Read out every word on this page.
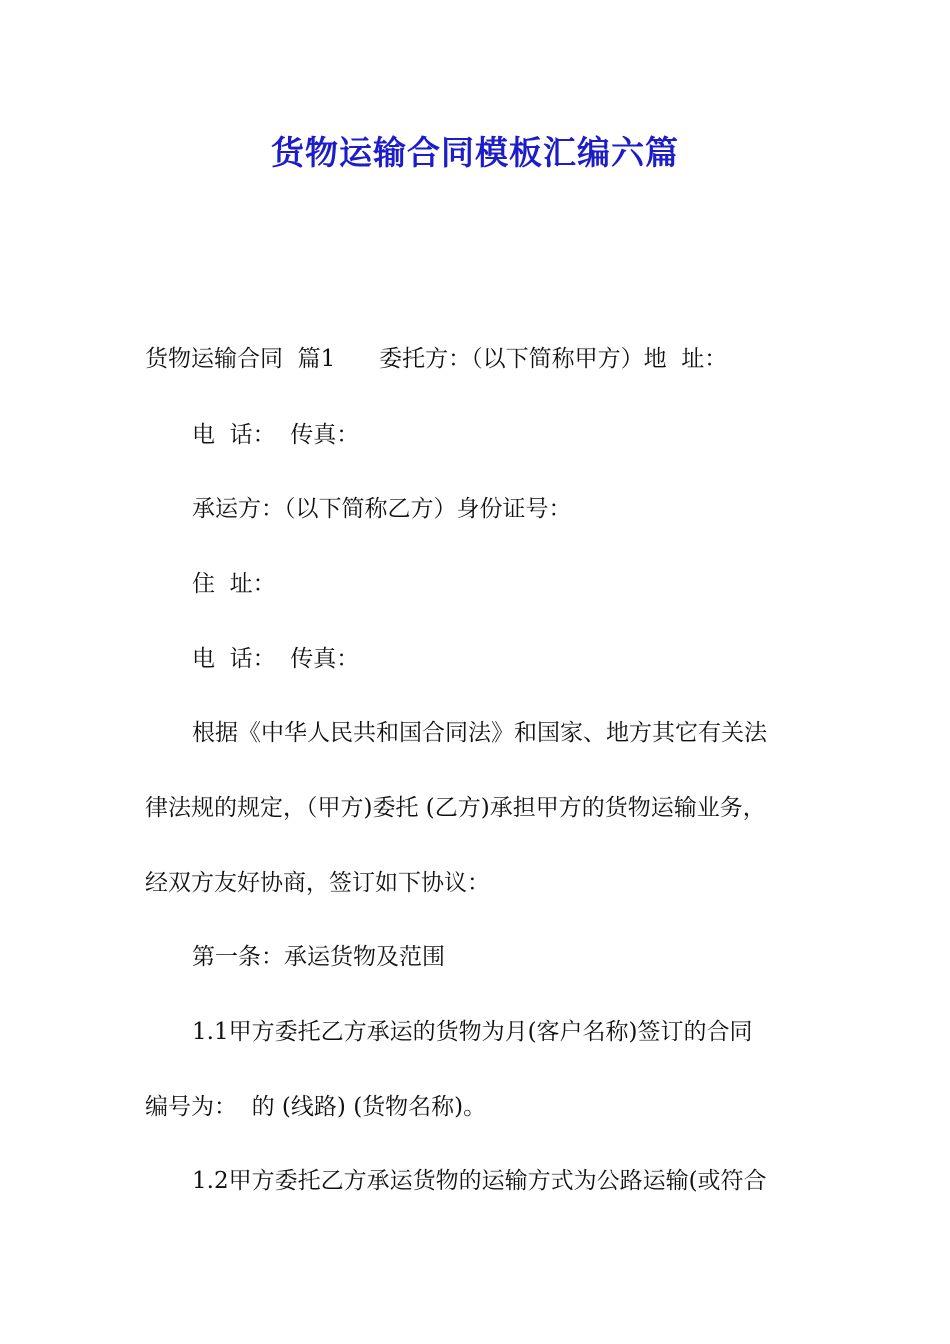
货物运输合同模板汇编六篇

货物运输合同  篇1      委托方：（以下简称甲方）地  址：

电  话：  传真：

承运方：（以下简称乙方）身份证号：

住  址：

电  话：  传真：

根据《中华人民共和国合同法》和国家、地方其它有关法

律法规的规定，（甲方)委托 (乙方)承担甲方的货物运输业务，

经双方友好协商，签订如下协议：

第一条：承运货物及范围

1.1甲方委托乙方承运的货物为月(客户名称)签订的合同

编号为：  的 (线路) (货物名称)。

1.2甲方委托乙方承运货物的运输方式为公路运输(或符合
